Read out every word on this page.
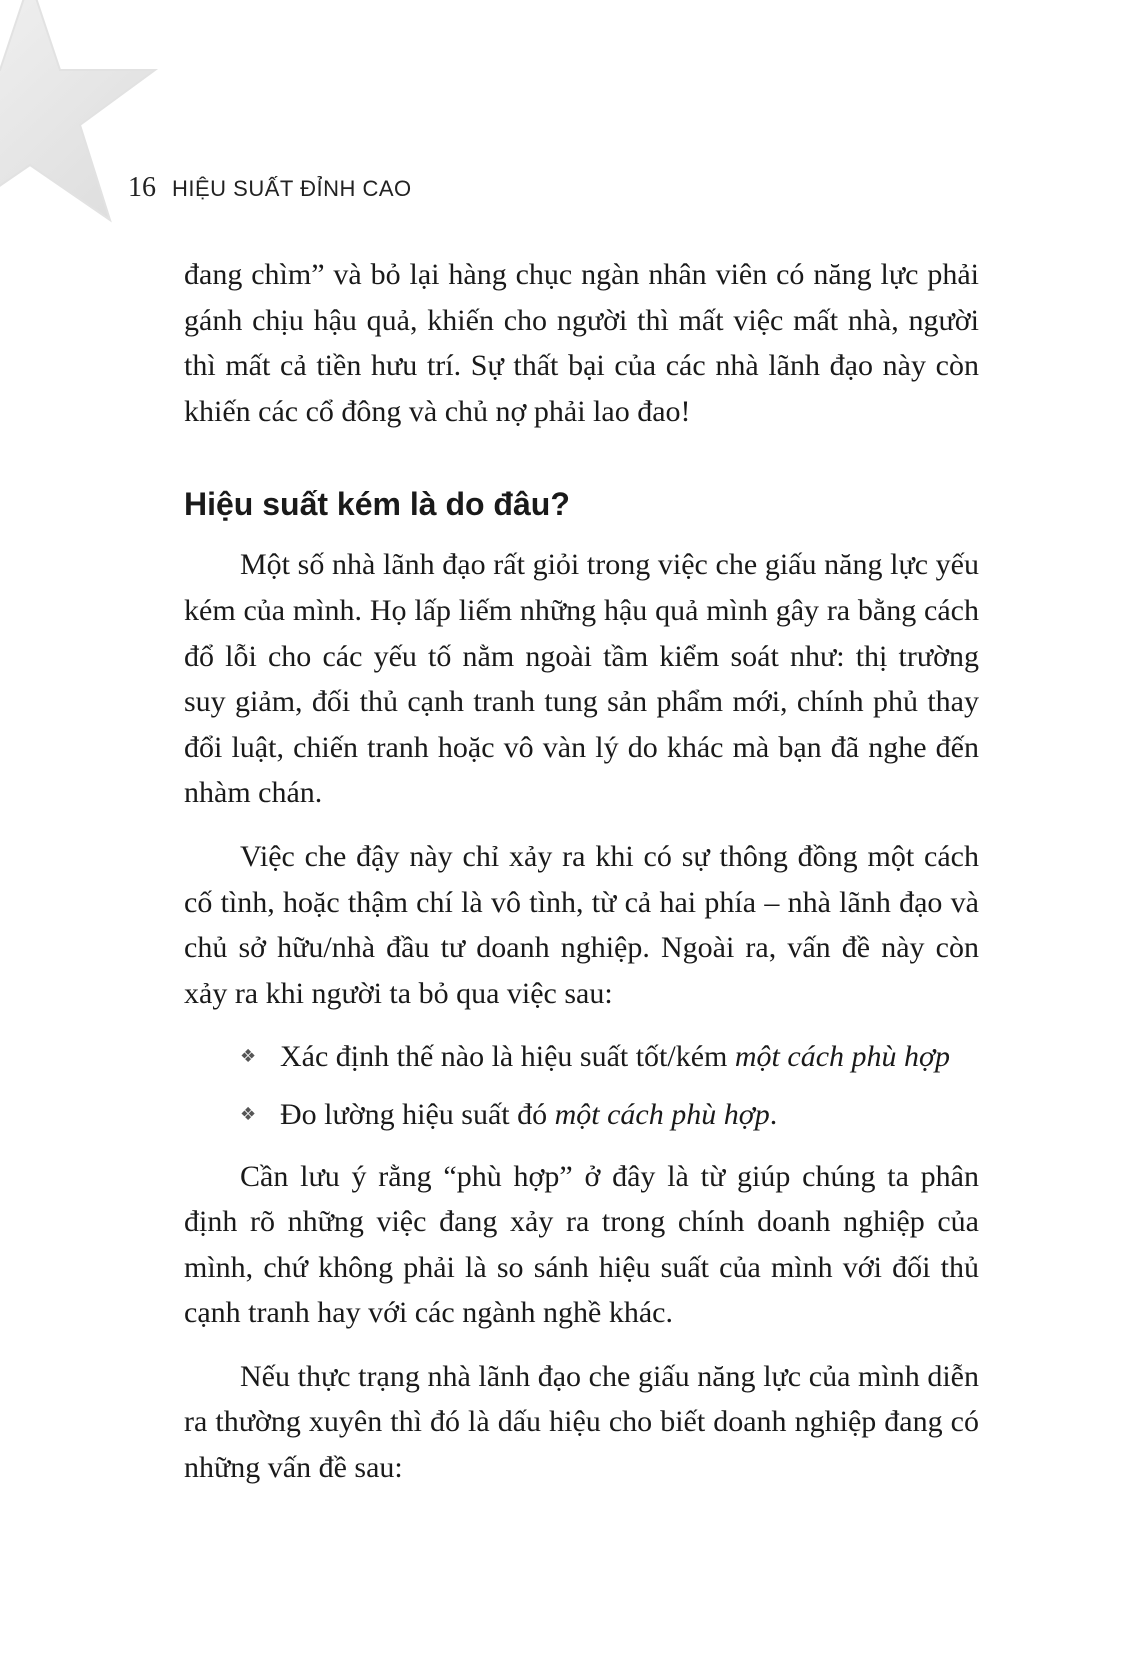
16 HIỆU SUẤT ĐỈNH CAO

đang chìm” và bỏ lại hàng chục ngàn nhân viên có năng lực phải gánh chịu hậu quả, khiến cho người thì mất việc mất nhà, người thì mất cả tiền hưu trí. Sự thất bại của các nhà lãnh đạo này còn khiến các cổ đông và chủ nợ phải lao đao!

Hiệu suất kém là do đâu?

Một số nhà lãnh đạo rất giỏi trong việc che giấu năng lực yếu kém của mình. Họ lấp liếm những hậu quả mình gây ra bằng cách đổ lỗi cho các yếu tố nằm ngoài tầm kiểm soát như: thị trường suy giảm, đối thủ cạnh tranh tung sản phẩm mới, chính phủ thay đổi luật, chiến tranh hoặc vô vàn lý do khác mà bạn đã nghe đến nhàm chán.

Việc che đậy này chỉ xảy ra khi có sự thông đồng một cách cố tình, hoặc thậm chí là vô tình, từ cả hai phía – nhà lãnh đạo và chủ sở hữu/nhà đầu tư doanh nghiệp. Ngoài ra, vấn đề này còn xảy ra khi người ta bỏ qua việc sau:

❖ Xác định thế nào là hiệu suất tốt/kém một cách phù hợp
❖ Đo lường hiệu suất đó một cách phù hợp.

Cần lưu ý rằng “phù hợp” ở đây là từ giúp chúng ta phân định rõ những việc đang xảy ra trong chính doanh nghiệp của mình, chứ không phải là so sánh hiệu suất của mình với đối thủ cạnh tranh hay với các ngành nghề khác.

Nếu thực trạng nhà lãnh đạo che giấu năng lực của mình diễn ra thường xuyên thì đó là dấu hiệu cho biết doanh nghiệp đang có những vấn đề sau:
